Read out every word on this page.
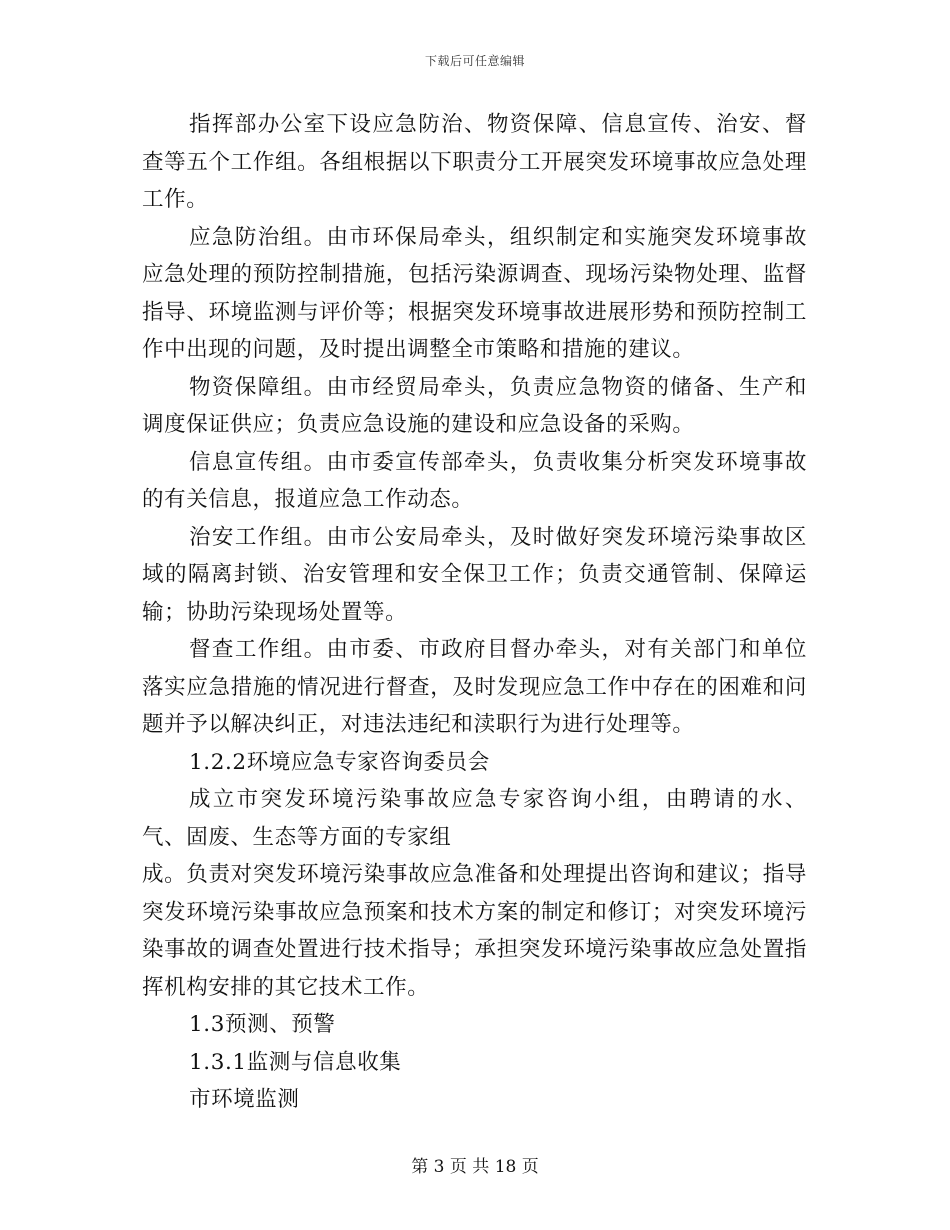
下载后可任意编辑

指挥部办公室下设应急防治、物资保障、信息宣传、治安、督查等五个工作组。各组根据以下职责分工开展突发环境事故应急处理工作。

应急防治组。由市环保局牵头，组织制定和实施突发环境事故应急处理的预防控制措施，包括污染源调查、现场污染物处理、监督指导、环境监测与评价等；根据突发环境事故进展形势和预防控制工作中出现的问题，及时提出调整全市策略和措施的建议。

物资保障组。由市经贸局牵头，负责应急物资的储备、生产和调度保证供应；负责应急设施的建设和应急设备的采购。

信息宣传组。由市委宣传部牵头，负责收集分析突发环境事故的有关信息，报道应急工作动态。

治安工作组。由市公安局牵头，及时做好突发环境污染事故区域的隔离封锁、治安管理和安全保卫工作；负责交通管制、保障运输；协助污染现场处置等。

督查工作组。由市委、市政府目督办牵头，对有关部门和单位落实应急措施的情况进行督查，及时发现应急工作中存在的困难和问题并予以解决纠正，对违法违纪和渎职行为进行处理等。

1.2.2环境应急专家咨询委员会

成立市突发环境污染事故应急专家咨询小组，由聘请的水、气、固废、生态等方面的专家组

成。负责对突发环境污染事故应急准备和处理提出咨询和建议；指导突发环境污染事故应急预案和技术方案的制定和修订；对突发环境污染事故的调查处置进行技术指导；承担突发环境污染事故应急处置指挥机构安排的其它技术工作。

1.3预测、预警

1.3.1监测与信息收集

市环境监测

第 3 页 共 18 页
